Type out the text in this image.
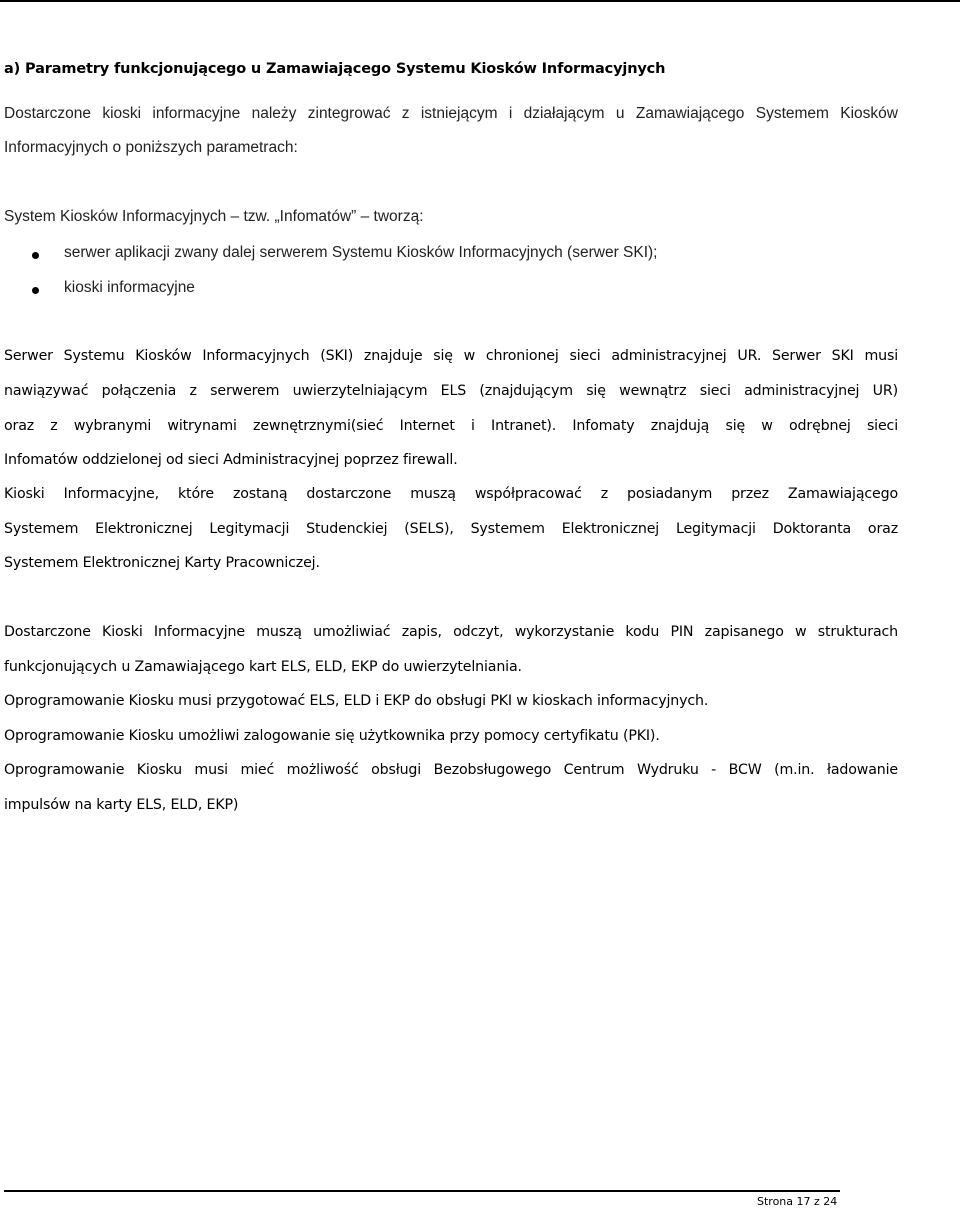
a) Parametry funkcjonującego u Zamawiającego Systemu Kiosków Informacyjnych
Dostarczone kioski informacyjne należy zintegrować z istniejącym i działającym u Zamawiającego Systemem Kiosków
Informacyjnych o poniższych parametrach:
System Kiosków Informacyjnych – tzw. „Infomatów” – tworzą:
serwer aplikacji zwany dalej serwerem Systemu Kiosków Informacyjnych (serwer SKI);
kioski informacyjne
Serwer Systemu Kiosków Informacyjnych (SKI) znajduje się w chronionej sieci administracyjnej UR. Serwer SKI musi
nawiązywać połączenia z serwerem uwierzytelniającym ELS (znajdującym się wewnątrz sieci administracyjnej UR)
oraz z wybranymi witrynami zewnętrznymi(sieć Internet i Intranet). Infomaty znajdują się w odrębnej sieci
Infomatów oddzielonej od sieci Administracyjnej poprzez firewall.
Kioski Informacyjne, które zostaną dostarczone muszą współpracować z posiadanym przez Zamawiającego
Systemem Elektronicznej Legitymacji Studenckiej (SELS), Systemem Elektronicznej Legitymacji Doktoranta oraz
Systemem Elektronicznej Karty Pracowniczej.
Dostarczone Kioski Informacyjne muszą umożliwiać zapis, odczyt, wykorzystanie kodu PIN zapisanego w strukturach
funkcjonujących u Zamawiającego kart ELS, ELD, EKP do uwierzytelniania.
Oprogramowanie Kiosku musi przygotować ELS, ELD i EKP do obsługi PKI w kioskach informacyjnych.
Oprogramowanie Kiosku umożliwi zalogowanie się użytkownika przy pomocy certyfikatu (PKI).
Oprogramowanie Kiosku musi mieć możliwość obsługi Bezobsługowego Centrum Wydruku - BCW (m.in. ładowanie
impulsów na karty ELS, ELD, EKP)
Strona 17 z 24
